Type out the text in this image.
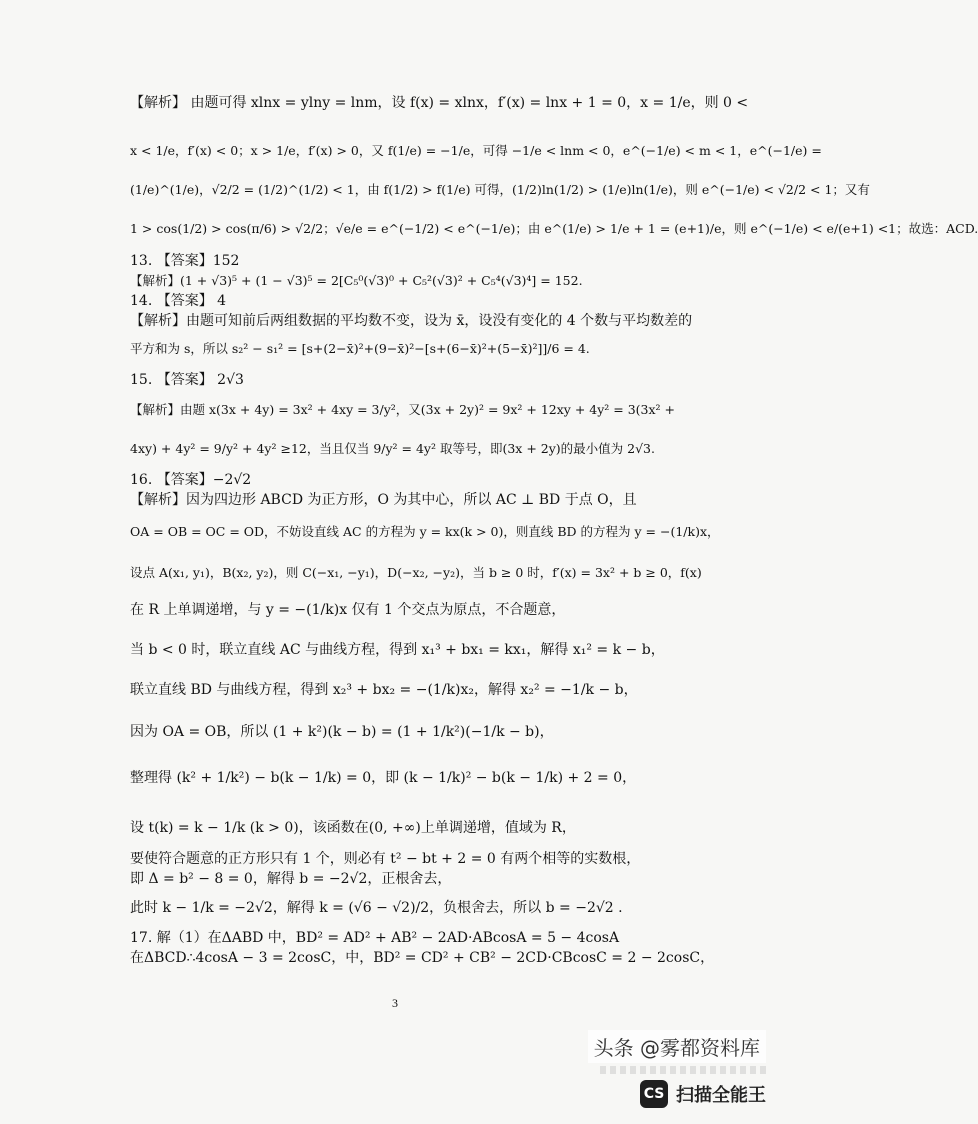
【解析】 由题可得 xlnx = ylny = lnm，设 f(x) = xlnx，f′(x) = lnx + 1 = 0，x = 1/e，则 0 <
x < 1/e，f′(x) < 0；x > 1/e，f′(x) > 0，又 f(1/e) = −1/e，可得 −1/e < lnm < 0，e^(−1/e) < m < 1，e^(−1/e) =
(1/e)^(1/e)，√2/2 = (1/2)^(1/2) < 1，由 f(1/2) > f(1/e) 可得，(1/2)ln(1/2) > (1/e)ln(1/e)，则 e^(−1/e) < √2/2 < 1；又有
1 > cos(1/2) > cos(π/6) > √2/2；√e/e = e^(−1/2) < e^(−1/e)；由 e^(1/e) > 1/e + 1 = (e+1)/e，则 e^(−1/e) < e/(e+1) <1；故选：ACD.
13. 【答案】152
【解析】(1 + √3)⁵ + (1 − √3)⁵ = 2[C₅⁰(√3)⁰ + C₅²(√3)² + C₅⁴(√3)⁴] = 152.
14. 【答案】 4
【解析】由题可知前后两组数据的平均数不变，设为 x̄，设没有变化的 4 个数与平均数差的
平方和为 s，所以 s₂² − s₁² = [s+(2−x̄)²+(9−x̄)²−[s+(6−x̄)²+(5−x̄)²]]/6 = 4.
15. 【答案】 2√3
【解析】由题 x(3x + 4y) = 3x² + 4xy = 3/y²，又(3x + 2y)² = 9x² + 12xy + 4y² = 3(3x² +
4xy) + 4y² = 9/y² + 4y² ≥12，当且仅当 9/y² = 4y² 取等号，即(3x + 2y)的最小值为 2√3.
16. 【答案】−2√2
【解析】因为四边形 ABCD 为正方形，O 为其中心，所以 AC ⊥ BD 于点 O，且
OA = OB = OC = OD，不妨设直线 AC 的方程为 y = kx(k > 0)，则直线 BD 的方程为 y = −(1/k)x，
设点 A(x₁, y₁)，B(x₂, y₂)，则 C(−x₁, −y₁)，D(−x₂, −y₂)，当 b ≥ 0 时，f′(x) = 3x² + b ≥ 0，f(x)
在 R 上单调递增，与 y = −(1/k)x 仅有 1 个交点为原点，不合题意，
当 b < 0 时，联立直线 AC 与曲线方程，得到 x₁³ + bx₁ = kx₁，解得 x₁² = k − b，
联立直线 BD 与曲线方程，得到 x₂³ + bx₂ = −(1/k)x₂，解得 x₂² = −1/k − b，
因为 OA = OB，所以 (1 + k²)(k − b) = (1 + 1/k²)(−1/k − b)，
整理得 (k² + 1/k²) − b(k − 1/k) = 0，即 (k − 1/k)² − b(k − 1/k) + 2 = 0，
设 t(k) = k − 1/k (k > 0)，该函数在(0, +∞)上单调递增，值域为 R，
要使符合题意的正方形只有 1 个，则必有 t² − bt + 2 = 0 有两个相等的实数根，
即 Δ = b² − 8 = 0，解得 b = −2√2，正根舍去，
此时 k − 1/k = −2√2，解得 k = (√6 − √2)/2，负根舍去，所以 b = −2√2 .
17. 解（1）在ΔABD 中，BD² = AD² + AB² − 2AD·ABcosA = 5 − 4cosA
在ΔBCD∴4cosA − 3 = 2cosC，中，BD² = CD² + CB² − 2CD·CBcosC = 2 − 2cosC，
3
头条 @雾都资料库
CS 扫描全能王
